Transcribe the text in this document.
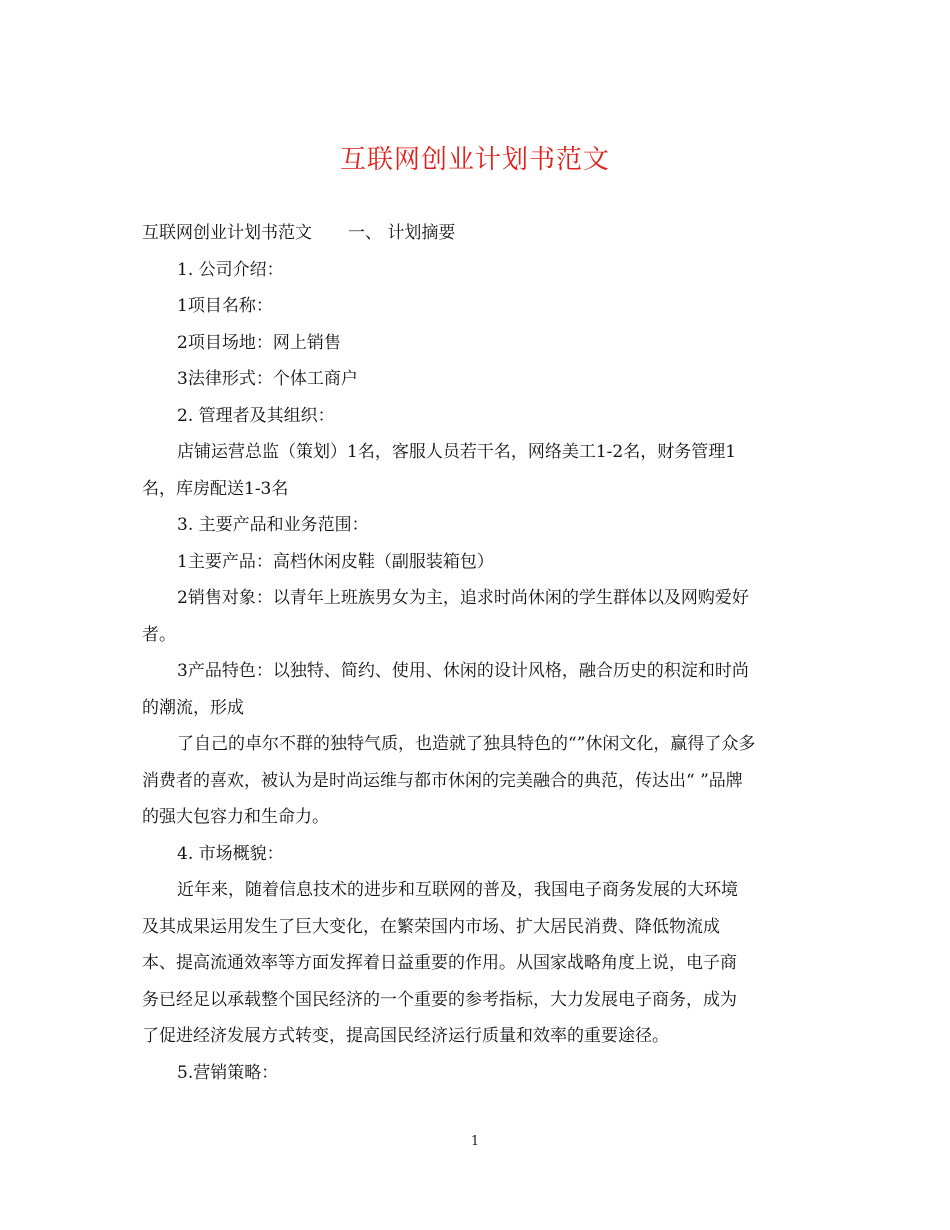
互联网创业计划书范文
互联网创业计划书范文 一、 计划摘要
1. 公司介绍：
1项目名称：
2项目场地：网上销售
3法律形式：个体工商户
2. 管理者及其组织：
店铺运营总监（策划）1名，客服人员若干名，网络美工1-2名，财务管理1
名，库房配送1-3名
3. 主要产品和业务范围：
1主要产品：高档休闲皮鞋（副服装箱包）
2销售对象：以青年上班族男女为主，追求时尚休闲的学生群体以及网购爱好
者。
3产品特色：以独特、简约、使用、休闲的设计风格，融合历史的积淀和时尚
的潮流，形成
了自己的卓尔不群的独特气质，也造就了独具特色的“”休闲文化，赢得了众多
消费者的喜欢，被认为是时尚运维与都市休闲的完美融合的典范，传达出“ ”品牌
的强大包容力和生命力。
4. 市场概貌：
近年来，随着信息技术的进步和互联网的普及，我国电子商务发展的大环境
及其成果运用发生了巨大变化，在繁荣国内市场、扩大居民消费、降低物流成
本、提高流通效率等方面发挥着日益重要的作用。从国家战略角度上说，电子商
务已经足以承载整个国民经济的一个重要的参考指标，大力发展电子商务，成为
了促进经济发展方式转变，提高国民经济运行质量和效率的重要途径。
5.营销策略：
1
